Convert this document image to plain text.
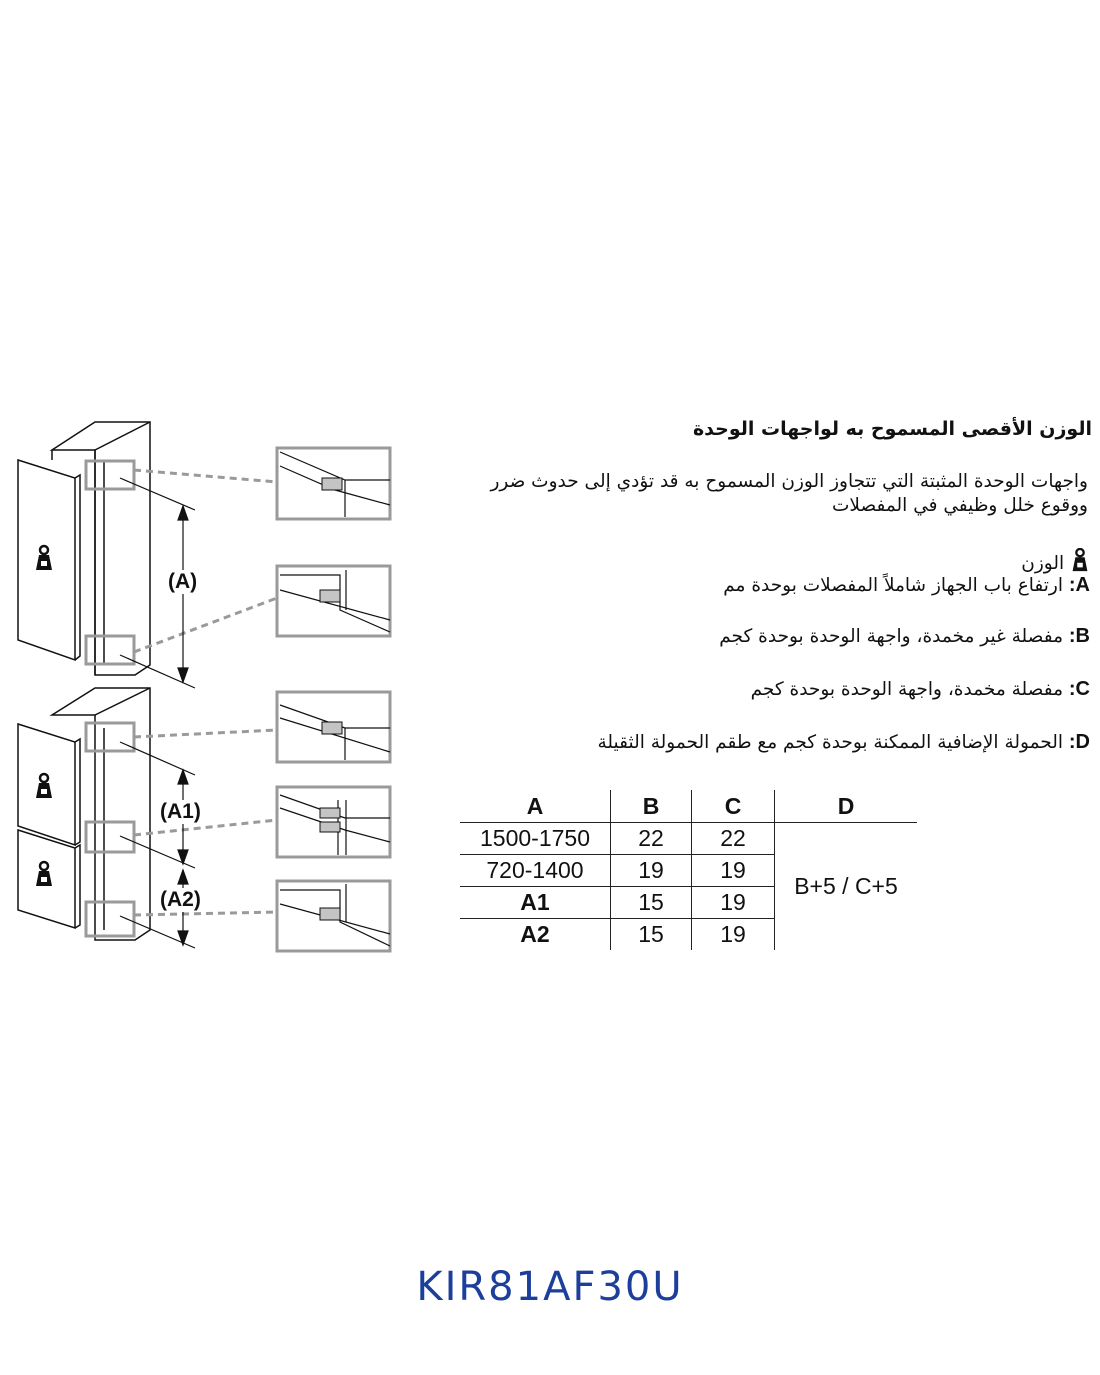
(A)
(A1)
(A2)
الوزن الأقصى المسموح به لواجهات الوحدة
واجهات الوحدة المثبتة التي تتجاوز الوزن المسموح به قد تؤدي إلى حدوث ضرر ووقوع خلل وظيفي في المفصلات
الوزن
A: ارتفاع باب الجهاز شاملاً المفصلات بوحدة مم
B: مفصلة غير مخمدة، واجهة الوحدة بوحدة كجم
C: مفصلة مخمدة، واجهة الوحدة بوحدة كجم
D: الحمولة الإضافية الممكنة بوحدة كجم مع طقم الحمولة الثقيلة
A	B	C	D
1500-1750	22	22	B+5 / C+5
720-1400	19	19	
A1	15	19	
A2	15	19	
KIR81AF30U
